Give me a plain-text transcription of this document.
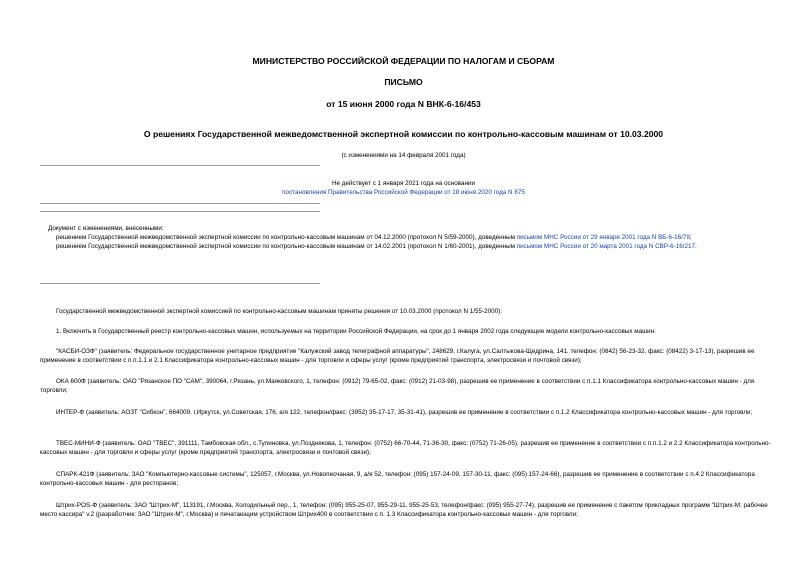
МИНИСТЕРСТВО РОССИЙСКОЙ ФЕДЕРАЦИИ ПО НАЛОГАМ И СБОРАМ
ПИСЬМО
от 15 июня 2000 года N ВНК-6-16/453
О решениях Государственной межведомственной экспертной комиссии по контрольно-кассовым машинам от 10.03.2000
(с изменениями на 14 февраля 2001 года)
Не действует с 1 января 2021 года на основании
постановления Правительства Российской Федерации от 18 июня 2020 года N 875

Документ с изменениями, внесенными:

решением Государственной межведомственной экспертной комиссии по контрольно-кассовым машинам от 04.12.2000 (протокол N 5/59-2000), доведенным письмом МНС России от 29 января 2001 года N ВБ-6-16/79;

решением Государственной межведомственной экспертной комиссии по контрольно-кассовым машинам от 14.02.2001 (протокол N 1/60-2001), доведенным письмом МНС России от 20 марта 2001 года N СВР-6-16/217.

Государственной межведомственной экспертной комиссией по контрольно-кассовым машинам приняты решения от 10.03.2000 (протокол N 1/55-2000):

1. Включить в Государственный реестр контрольно-кассовых машин, используемых на территории Российской Федерации, на срок до 1 января 2002 года следующие модели контрольно-кассовых машин:

"КАСБИ-ОЗФ" (заявитель: Федеральное государственное унитарное предприятие "Калужский завод телеграфной аппаратуры", 248629, г.Калуга, ул.Салтыкова-Щедрина, 141, телефон: (0842) 56-23-32, факс: (08422) 3-17-13), разрешив ее применение в соответствии с п.п.1.1 и 2.1 Классификатора контрольно-кассовых машин - для торговли и сферы услуг (кроме предприятий транспорта, электросвязи и почтовой связи);

ОКА 600Ф (заявитель: ОАО "Рязанское ПО "САМ", 390064, г.Рязань, ул.Маяковского, 1, телефон: (0912) 79-65-02, факс: (0912) 21-03-98), разрешив ее применение в соответствии с п.1.1 Классификатора контрольно-кассовых машин - для торговли;

ИНТЕР-Ф (заявитель: АОЗТ "Сибкон", 664009, г.Иркутск, ул.Советская, 176, а/я 122, телефон/факс: (3952) 35-17-17, 35-31-41), разрешив ее применение в соответствии с п.1.2 Классификатора контрольно-кассовых машин - для торговли;

ТВЕС-МИНИ-Ф (заявитель: ОАО "ТВЕС", 391111, Тамбовская обл., с.Тулиновка, ул.Позднякова, 1, телефон: (0752) 66-70-44, 71-36-30, факс: (0752) 71-26-05), разрешив ее применение в соответствии с п.п.1.2 и 2.2 Классификатора контрольно-кассовых машин - для торговли и сферы услуг (кроме предприятий транспорта, электросвязи и почтовой связи);

СПАРК-421Ф (заявитель: ЗАО "Компьютерно-кассовые системы", 125057, г.Москва, ул.Новопесчаная, 9, а/я 52, телефон: (095) 157-24-09, 157-30-11, факс: (095) 157-24-66), разрешив ее применение в соответствии с п.4.2 Классификатора контрольно-кассовых машин - для ресторанов;

Штрих-POS-Ф (заявитель: ЗАО "Штрих-М", 113191, г.Москва, Холодильный пер., 1, телефон: (095) 955-25-07, 955-29-11, 955-25-53, телефон/факс: (095) 955-27-74), разрешив ее применение с пакетом прикладных программ "Штрих-М: рабочее место кассира" v.2 (разработчик: ЗАО "Штрих-М", г.Москва) и печатающим устройством Штрих400 в соответствии с п. 1.3 Классификатора контрольно-кассовых машин - для торговли;
